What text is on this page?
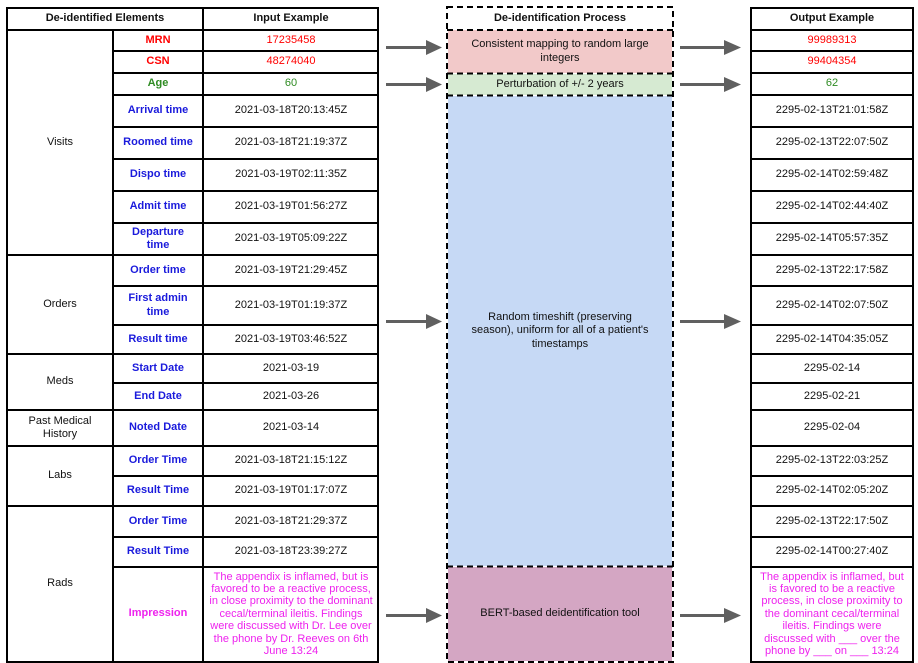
De-identified Elements	Input Example
Visits
Orders
Meds
Past Medical History
Labs
Rads
MRN
CSN
Age
Arrival time
Roomed time
Dispo time
Admit time
Departure time
Order time
First admin time
Result time
Start Date
End Date
Noted Date
Order Time
Result Time
Order Time
Result Time
Impression
17235458
48274040
60
2021-03-18T20:13:45Z
2021-03-18T21:19:37Z
2021-03-19T02:11:35Z
2021-03-19T01:56:27Z
2021-03-19T05:09:22Z
2021-03-19T21:29:45Z
2021-03-19T01:19:37Z
2021-03-19T03:46:52Z
2021-03-19
2021-03-26
2021-03-14
2021-03-18T21:15:12Z
2021-03-19T01:17:07Z
2021-03-18T21:29:37Z
2021-03-18T23:39:27Z
The appendix is inflamed, but is favored to be a reactive process, in close proximity to the dominant cecal/terminal ileitis. Findings were discussed with Dr. Lee over the phone by Dr. Reeves on 6th June 13:24
De-identification Process
Consistent mapping to random large integers
Perturbation of +/- 2 years
Random timeshift (preserving season), uniform for all of a patient's timestamps
BERT-based deidentification tool
Output Example
99989313
99404354
62
2295-02-13T21:01:58Z
2295-02-13T22:07:50Z
2295-02-14T02:59:48Z
2295-02-14T02:44:40Z
2295-02-14T05:57:35Z
2295-02-13T22:17:58Z
2295-02-14T02:07:50Z
2295-02-14T04:35:05Z
2295-02-14
2295-02-21
2295-02-04
2295-02-13T22:03:25Z
2295-02-14T02:05:20Z
2295-02-13T22:17:50Z
2295-02-14T00:27:40Z
The appendix is inflamed, but is favored to be a reactive process, in close proximity to the dominant cecal/terminal ileitis. Findings were discussed with ___ over the phone by ___ on ___ 13:24
